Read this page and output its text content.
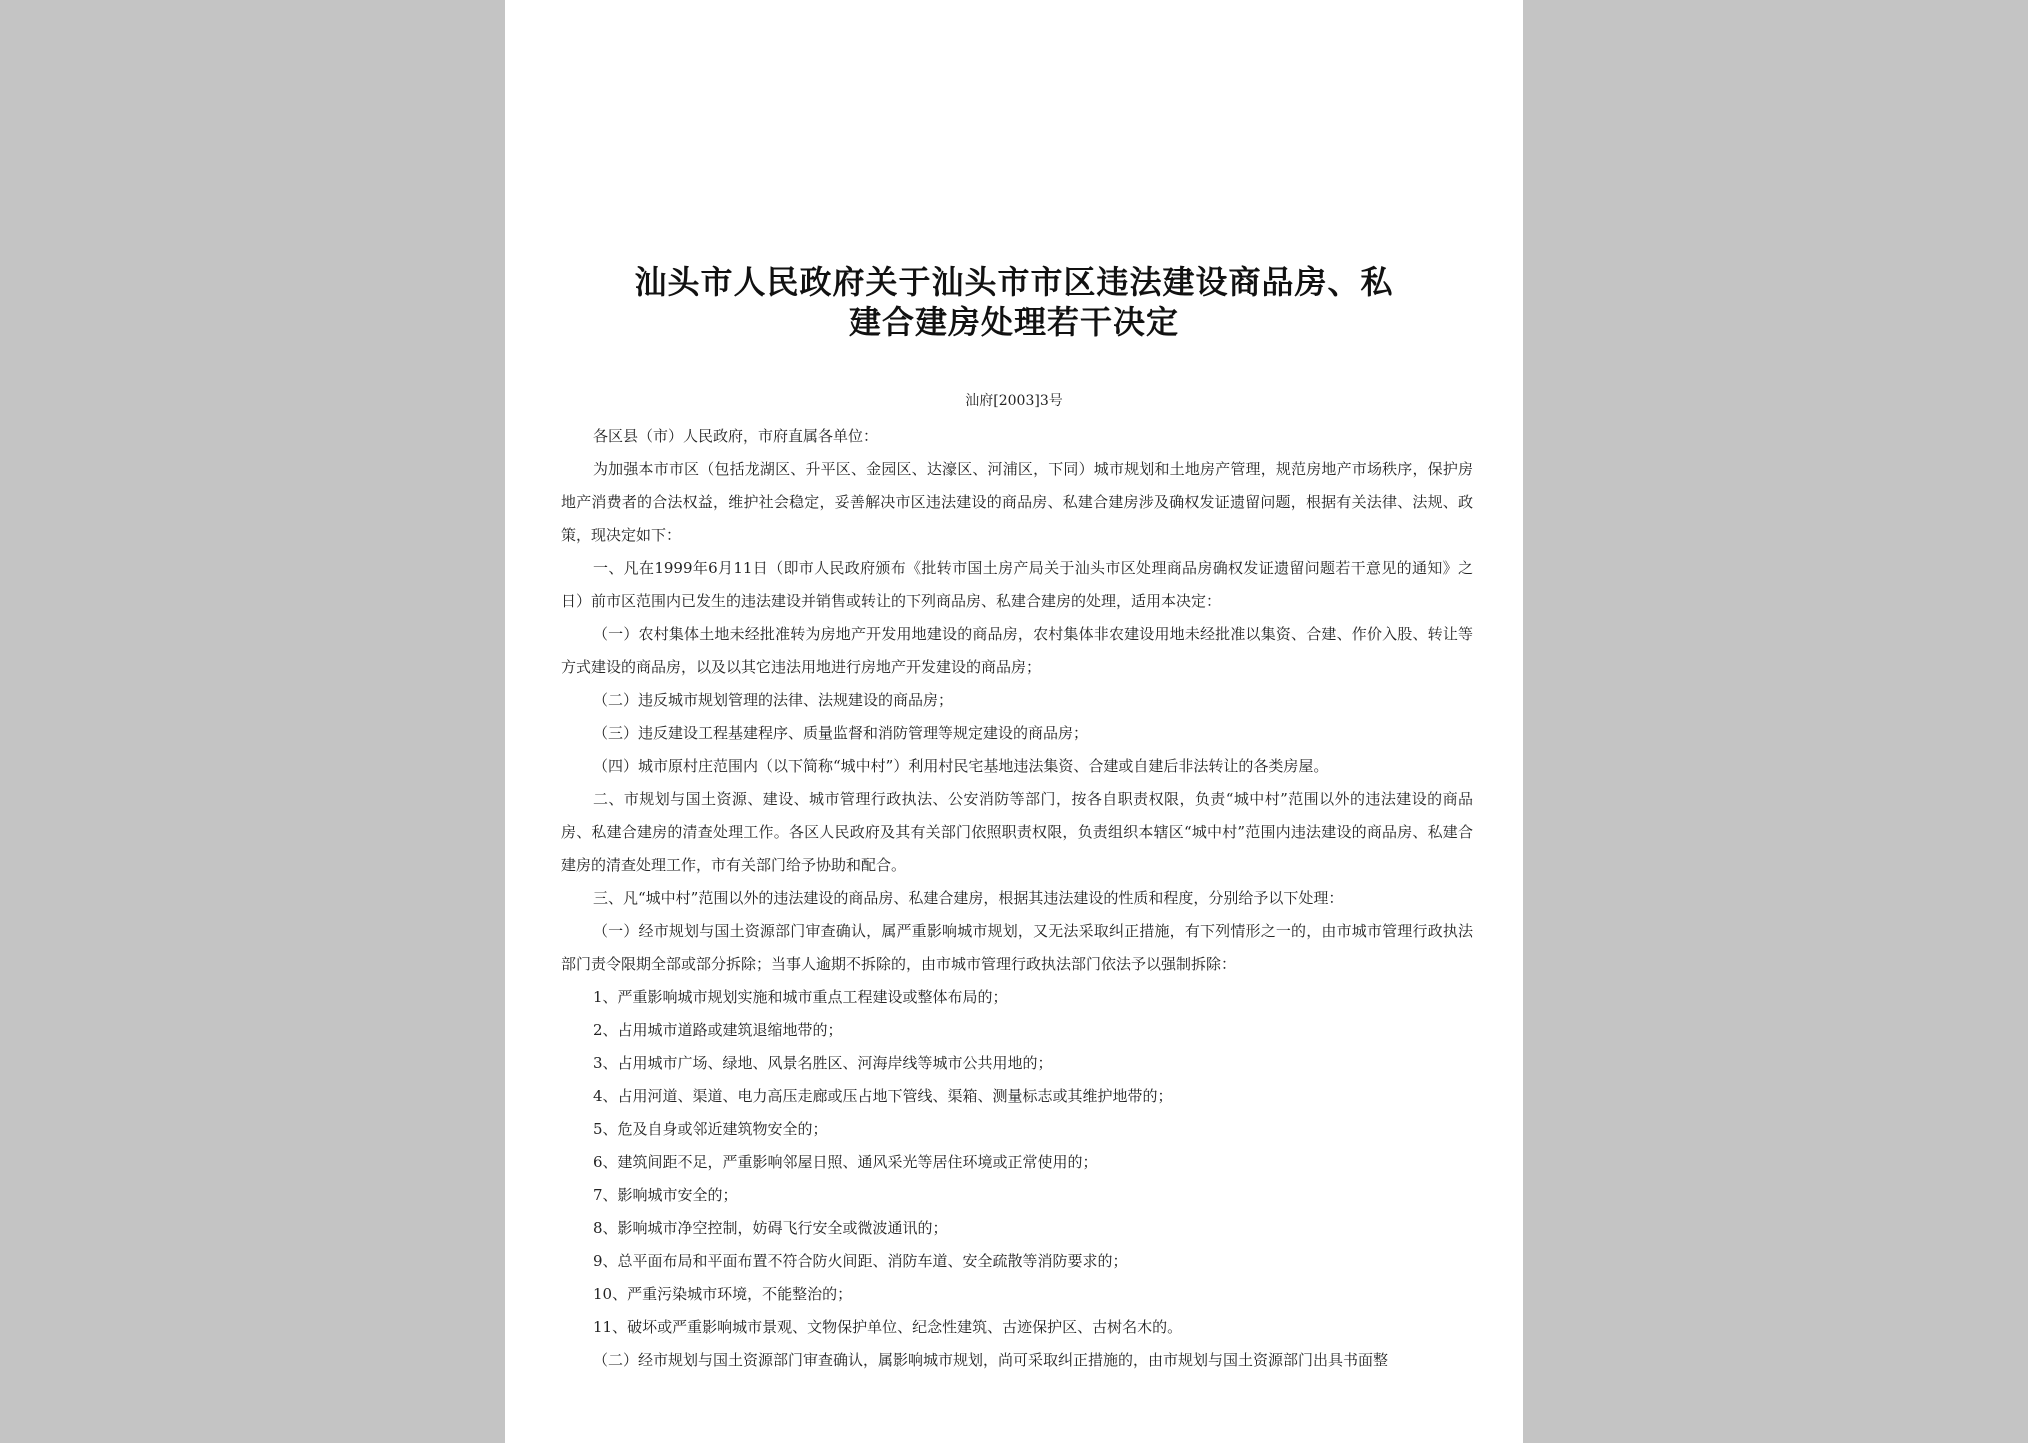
汕头市人民政府关于汕头市市区违法建设商品房、私
建合建房处理若干决定
汕府[2003]3号

各区县（市）人民政府，市府直属各单位：

为加强本市市区（包括龙湖区、升平区、金园区、达濠区、河浦区，下同）城市规划和土地房产管理，规范房地产市场秩序，保护房地产消费者的合法权益，维护社会稳定，妥善解决市区违法建设的商品房、私建合建房涉及确权发证遗留问题，根据有关法律、法规、政策，现决定如下：

一、凡在1999年6月11日（即市人民政府颁布《批转市国土房产局关于汕头市区处理商品房确权发证遗留问题若干意见的通知》之日）前市区范围内已发生的违法建设并销售或转让的下列商品房、私建合建房的处理，适用本决定：

（一）农村集体土地未经批准转为房地产开发用地建设的商品房，农村集体非农建设用地未经批准以集资、合建、作价入股、转让等方式建设的商品房，以及以其它违法用地进行房地产开发建设的商品房；

（二）违反城市规划管理的法律、法规建设的商品房；

（三）违反建设工程基建程序、质量监督和消防管理等规定建设的商品房；

（四）城市原村庄范围内（以下简称“城中村”）利用村民宅基地违法集资、合建或自建后非法转让的各类房屋。

二、市规划与国土资源、建设、城市管理行政执法、公安消防等部门，按各自职责权限，负责“城中村”范围以外的违法建设的商品房、私建合建房的清查处理工作。各区人民政府及其有关部门依照职责权限，负责组织本辖区“城中村”范围内违法建设的商品房、私建合建房的清查处理工作，市有关部门给予协助和配合。

三、凡“城中村”范围以外的违法建设的商品房、私建合建房，根据其违法建设的性质和程度，分别给予以下处理：

（一）经市规划与国土资源部门审查确认，属严重影响城市规划，又无法采取纠正措施，有下列情形之一的，由市城市管理行政执法部门责令限期全部或部分拆除；当事人逾期不拆除的，由市城市管理行政执法部门依法予以强制拆除：

1、严重影响城市规划实施和城市重点工程建设或整体布局的；

2、占用城市道路或建筑退缩地带的；

3、占用城市广场、绿地、风景名胜区、河海岸线等城市公共用地的；

4、占用河道、渠道、电力高压走廊或压占地下管线、渠箱、测量标志或其维护地带的；

5、危及自身或邻近建筑物安全的；

6、建筑间距不足，严重影响邻屋日照、通风采光等居住环境或正常使用的；

7、影响城市安全的；

8、影响城市净空控制，妨碍飞行安全或微波通讯的；

9、总平面布局和平面布置不符合防火间距、消防车道、安全疏散等消防要求的；

10、严重污染城市环境，不能整治的；

11、破坏或严重影响城市景观、文物保护单位、纪念性建筑、古迹保护区、古树名木的。

（二）经市规划与国土资源部门审查确认，属影响城市规划，尚可采取纠正措施的，由市规划与国土资源部门出具书面整
